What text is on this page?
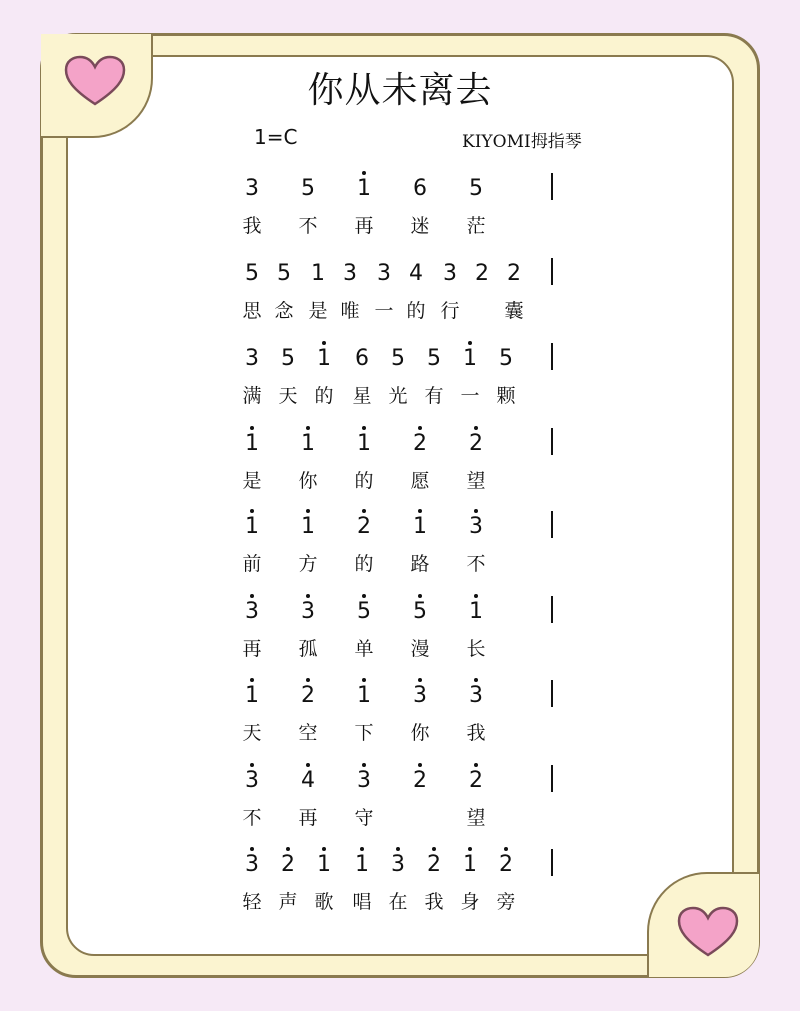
你从未离去
1=C	KIYOMI拇指琴
3	5	1	6	5
我 不 再 迷 茫
5 5 1 3 3 4 3 2 2
思 念 是 唯 一 的 行 囊
3	5	1	6	5	5	1	5
满 天 的 星 光 有 一 颗
1	1	1	2	2
是 你 的 愿 望
1	1	2	1	3
前 方 的 路 不
3	3	5	5	1
再 孤 单 漫 长
1	2	1	3	3
天 空 下 你 我
3	4	3	2	2
不 再 守	望
3	2	1	1	3	2	1	2
轻 声 歌 唱 在 我 身 旁
